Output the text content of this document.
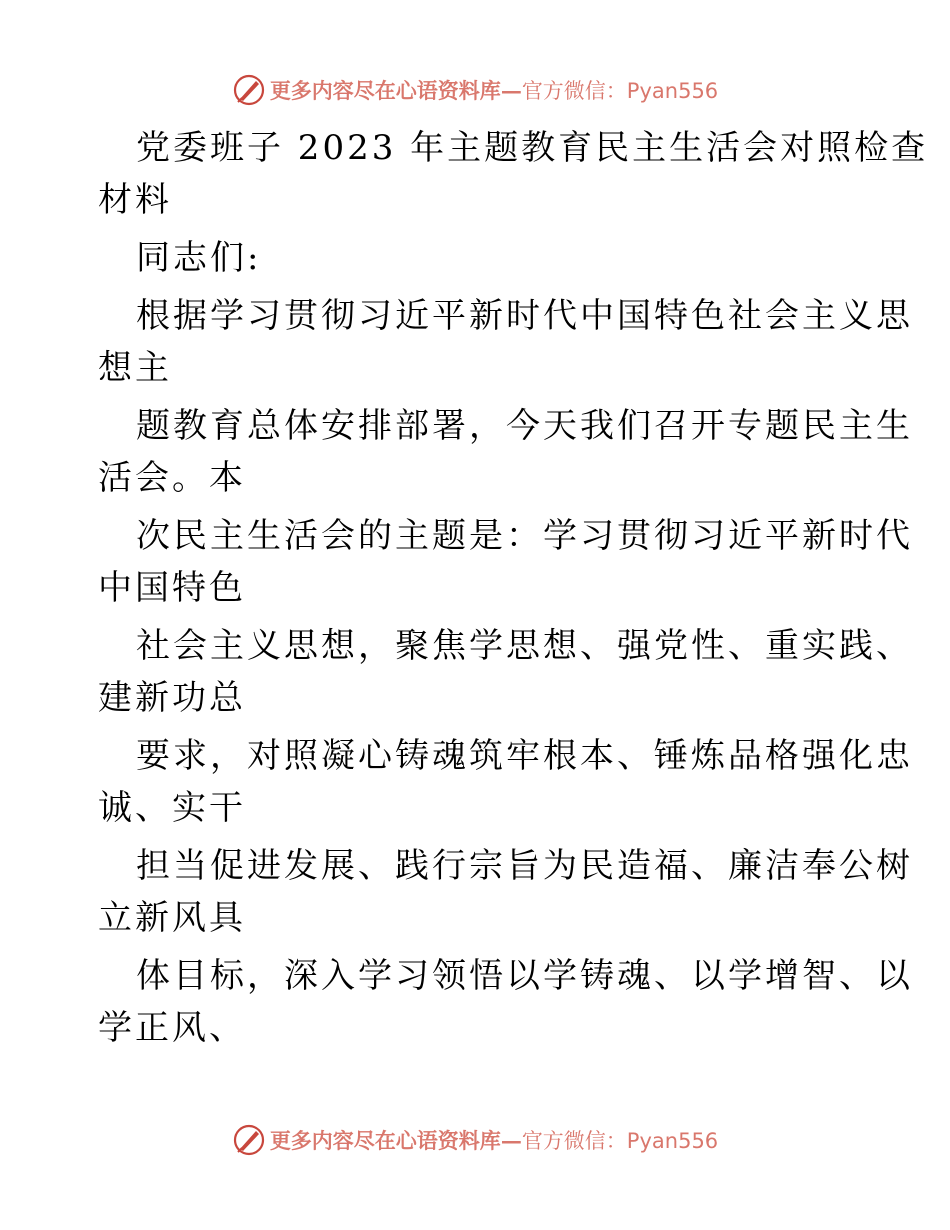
更多内容尽在心语资料库 — 官方微信：Pyan556
党委班子 2023 年主题教育民主生活会对照检查
材料
同志们:
根据学习贯彻习近平新时代中国特色社会主义思
想主
题教育总体安排部署，今天我们召开专题民主生
活会。本
次民主生活会的主题是：学习贯彻习近平新时代
中国特色
社会主义思想，聚焦学思想、强党性、重实践、
建新功总
要求，对照凝心铸魂筑牢根本、锤炼品格强化忠
诚、实干
担当促进发展、践行宗旨为民造福、廉洁奉公树
立新风具
体目标，深入学习领悟以学铸魂、以学增智、以
学正风、
更多内容尽在心语资料库 — 官方微信：Pyan556
